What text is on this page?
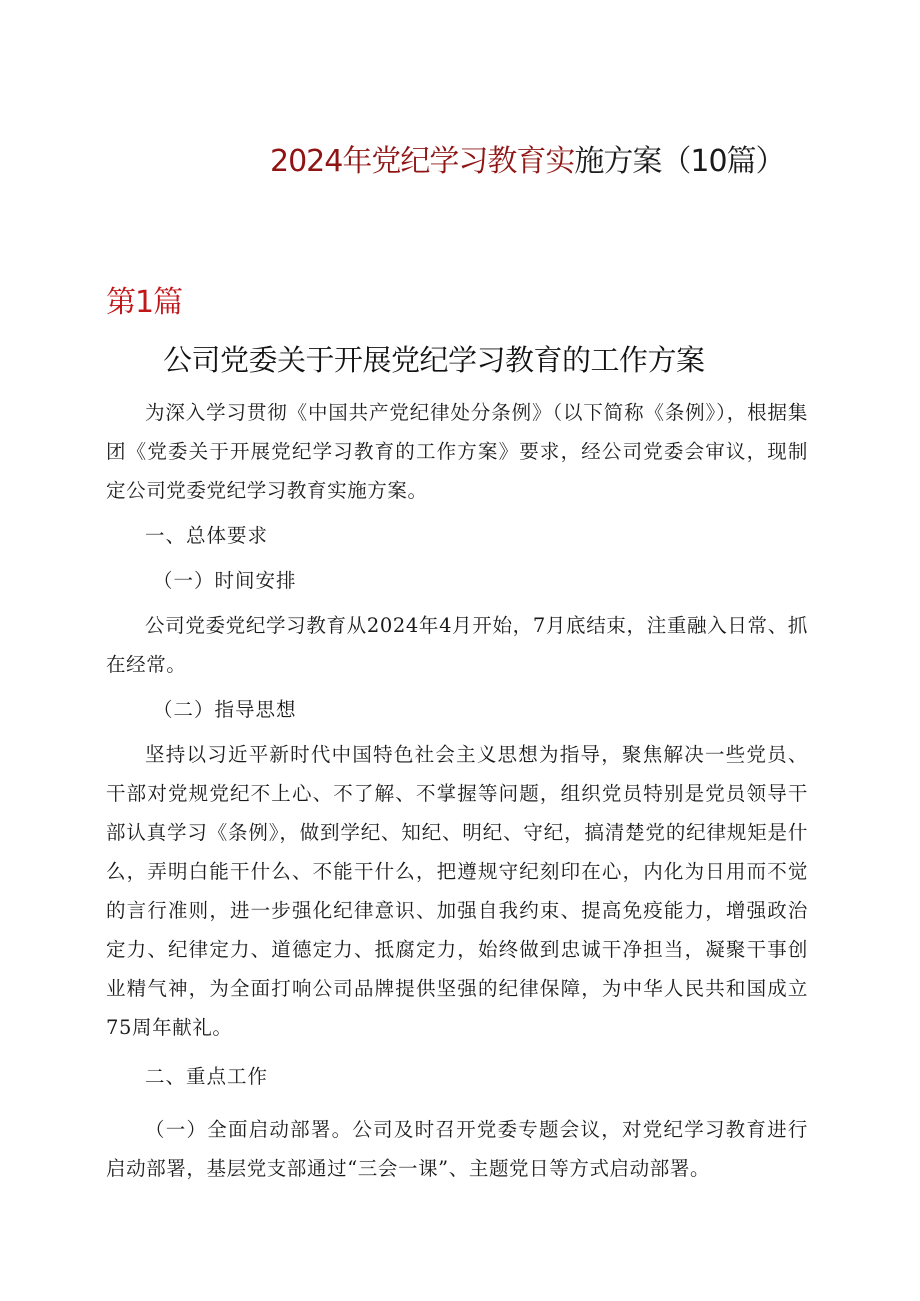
2024年党纪学习教育实施方案（10篇）
第1篇
公司党委关于开展党纪学习教育的工作方案

为深入学习贯彻《中国共产党纪律处分条例》（以下简称《条例》），根据集团《党委关于开展党纪学习教育的工作方案》要求，经公司党委会审议，现制定公司党委党纪学习教育实施方案。

一、总体要求

（一）时间安排

公司党委党纪学习教育从2024年4月开始，7月底结束，注重融入日常、抓在经常。

（二）指导思想

坚持以习近平新时代中国特色社会主义思想为指导，聚焦解决一些党员、干部对党规党纪不上心、不了解、不掌握等问题，组织党员特别是党员领导干部认真学习《条例》，做到学纪、知纪、明纪、守纪，搞清楚党的纪律规矩是什么，弄明白能干什么、不能干什么，把遵规守纪刻印在心，内化为日用而不觉的言行准则，进一步强化纪律意识、加强自我约束、提高免疫能力，增强政治定力、纪律定力、道德定力、抵腐定力，始终做到忠诚干净担当，凝聚干事创业精气神，为全面打响公司品牌提供坚强的纪律保障，为中华人民共和国成立75周年献礼。

二、重点工作

（一）全面启动部署。公司及时召开党委专题会议，对党纪学习教育进行启动部署，基层党支部通过“三会一课”、主题党日等方式启动部署。
